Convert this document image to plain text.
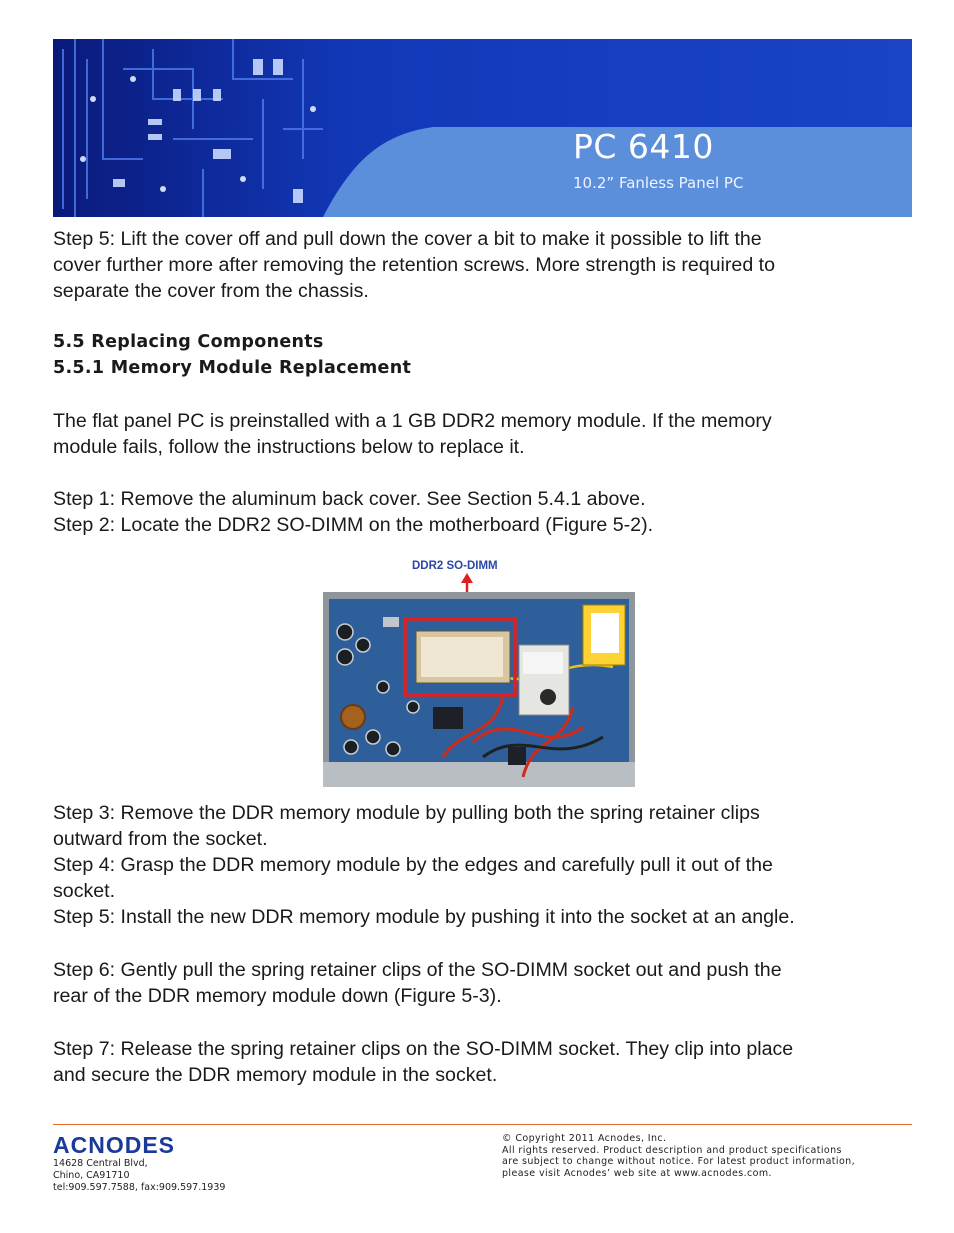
PC 6410
10.2” Fanless Panel PC
Step 5: Lift the cover off and pull down the cover a bit to make it possible to lift the
cover further more after removing the retention screws. More strength is required to
separate the cover from the chassis.
5.5 Replacing Components
5.5.1 Memory Module Replacement
The flat panel PC is preinstalled with a 1 GB DDR2 memory module. If the memory
module fails, follow the instructions below to replace it.
Step 1: Remove the aluminum back cover. See Section 5.4.1 above.
Step 2: Locate the DDR2 SO-DIMM on the motherboard (Figure 5-2).
DDR2 SO-DIMM
Step 3: Remove the DDR memory module by pulling both the spring retainer clips
outward from the socket.
Step 4: Grasp the DDR memory module by the edges and carefully pull it out of the
socket.
Step 5: Install the new DDR memory module by pushing it into the socket at an angle.
Step 6: Gently pull the spring retainer clips of the SO-DIMM socket out and push the
rear of the DDR memory module down (Figure 5-3).
Step 7: Release the spring retainer clips on the SO-DIMM socket. They clip into place
and secure the DDR memory module in the socket.
ACNODES
14628 Central Blvd,
Chino, CA91710
tel:909.597.7588, fax:909.597.1939
© Copyright 2011 Acnodes, Inc.
All rights reserved. Product description and product specifications
are subject to change without notice. For latest product information,
please visit Acnodes’ web site at www.acnodes.com.
